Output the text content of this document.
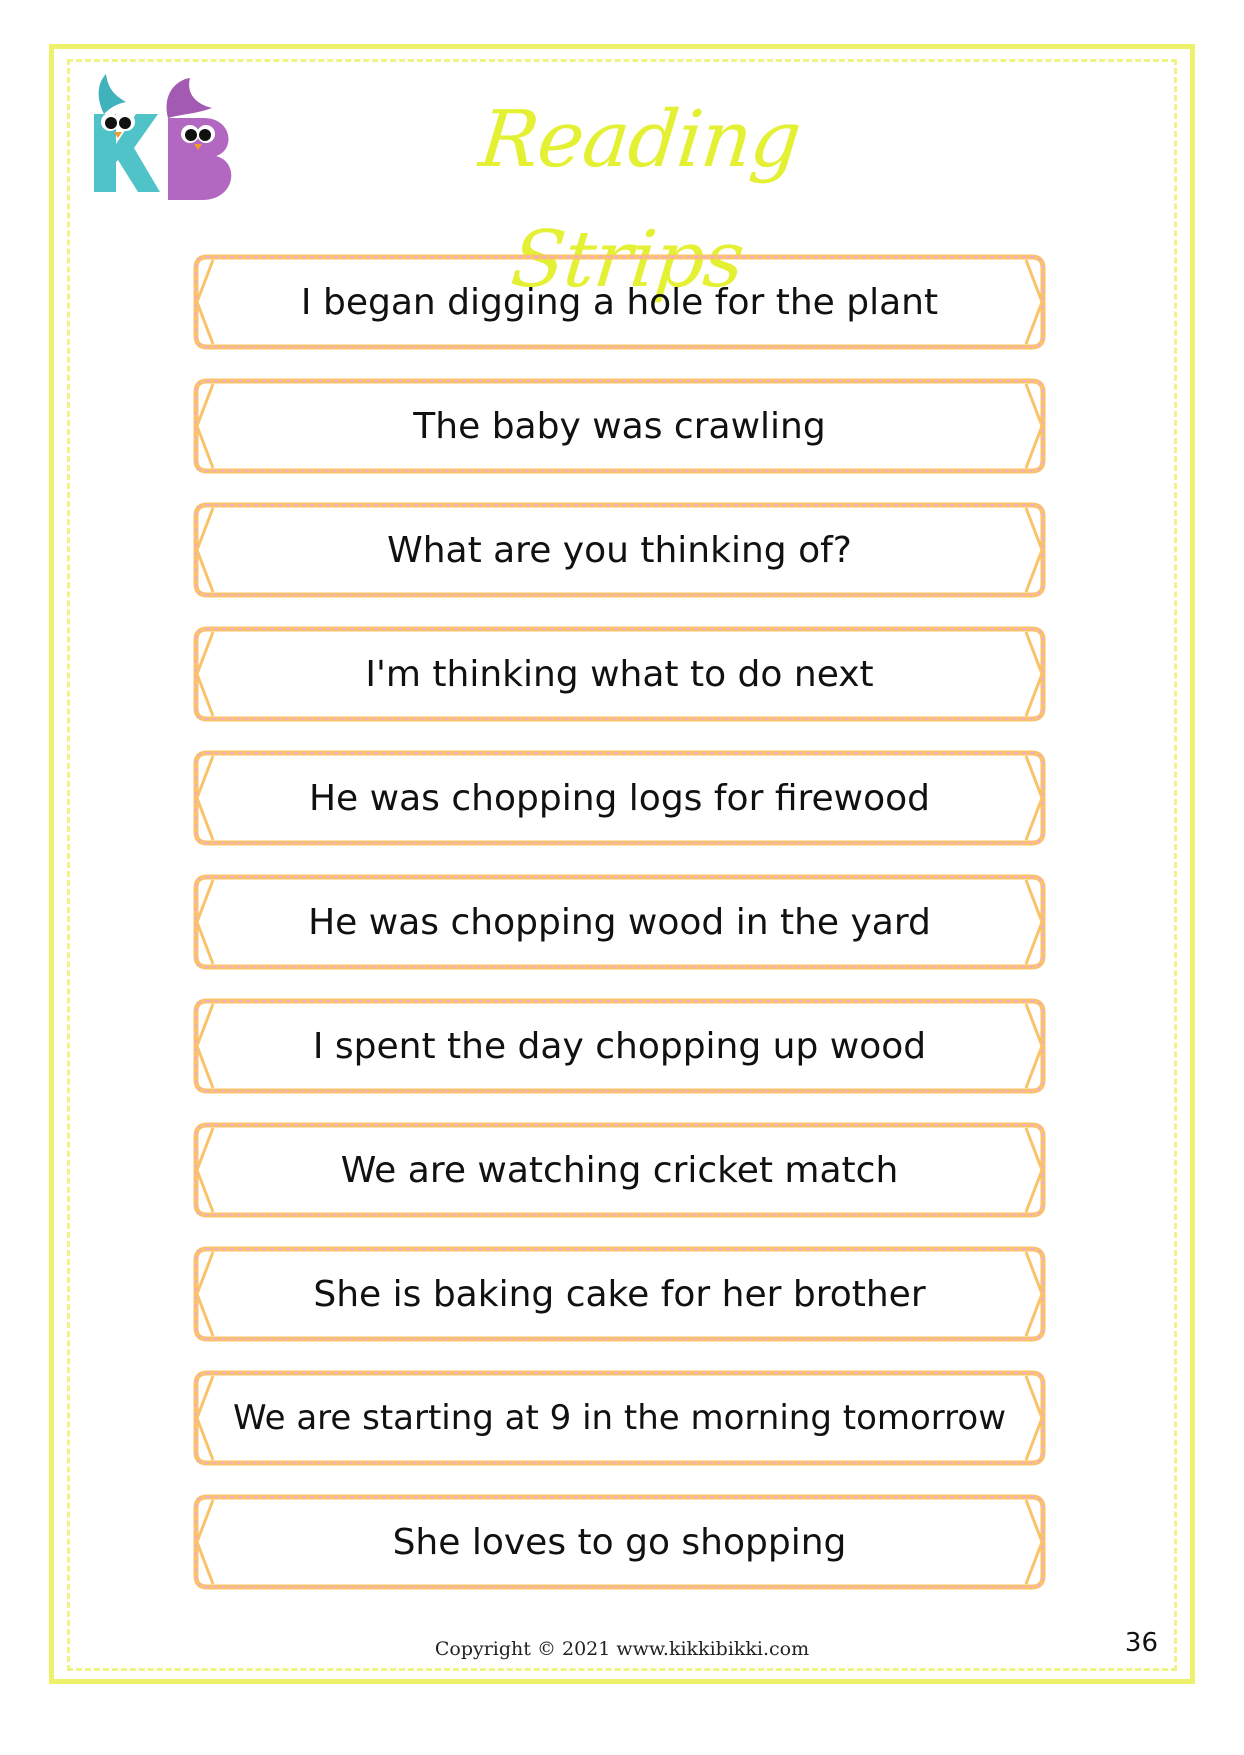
Reading Strips
I began digging a hole for the plant
The baby was crawling
What are you thinking of?
I'm thinking what to do next
He was chopping logs for firewood
He was chopping wood in the yard
I spent the day chopping up wood
We are watching cricket match
She is baking cake for her brother
We are starting at 9 in the morning tomorrow
She loves to go shopping
Copyright © 2021 www.kikkibikki.com	36
